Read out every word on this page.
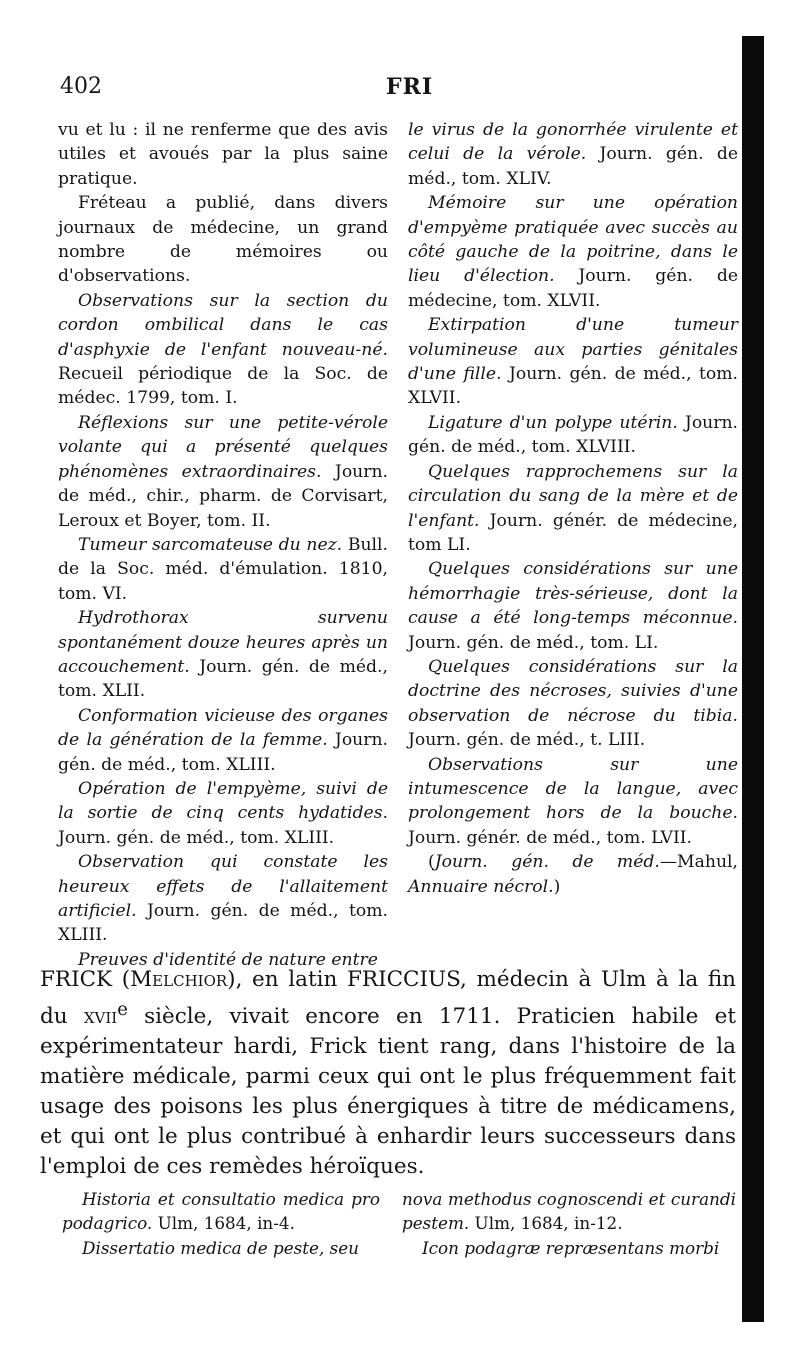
402	FRI

vu et lu : il ne renferme que des avis utiles et avoués par la plus saine pratique.

Fréteau a publié, dans divers journaux de médecine, un grand nombre de mémoires ou d'observations.

Observations sur la section du cordon ombilical dans le cas d'asphyxie de l'enfant nouveau-né. Recueil périodique de la Soc. de médec. 1799, tom. I.

Réflexions sur une petite-vérole volante qui a présenté quelques phénomènes extraordinaires. Journ. de méd., chir., pharm. de Corvisart, Leroux et Boyer, tom. II.

Tumeur sarcomateuse du nez. Bull. de la Soc. méd. d'émulation. 1810, tom. VI.

Hydrothorax survenu spontanément douze heures après un accouchement. Journ. gén. de méd., tom. XLII.

Conformation vicieuse des organes de la génération de la femme. Journ. gén. de méd., tom. XLIII.

Opération de l'empyème, suivi de la sortie de cinq cents hydatides. Journ. gén. de méd., tom. XLIII.

Observation qui constate les heureux effets de l'allaitement artificiel. Journ. gén. de méd., tom. XLIII.

Preuves d'identité de nature entre

le virus de la gonorrhée virulente et celui de la vérole. Journ. gén. de méd., tom. XLIV.

Mémoire sur une opération d'empyème pratiquée avec succès au côté gauche de la poitrine, dans le lieu d'élection. Journ. gén. de médecine, tom. XLVII.

Extirpation d'une tumeur volumineuse aux parties génitales d'une fille. Journ. gén. de méd., tom. XLVII.

Ligature d'un polype utérin. Journ. gén. de méd., tom. XLVIII.

Quelques rapprochemens sur la circulation du sang de la mère et de l'enfant. Journ. génér. de médecine, tom LI.

Quelques considérations sur une hémorrhagie très-sérieuse, dont la cause a été long-temps méconnue. Journ. gén. de méd., tom. LI.

Quelques considérations sur la doctrine des nécroses, suivies d'une observation de nécrose du tibia. Journ. gén. de méd., t. LIII.

Observations sur une intumescence de la langue, avec prolongement hors de la bouche. Journ. génér. de méd., tom. LVII.

(Journ. gén. de méd.—Mahul, Annuaire nécrol.)

FRICK (Melchior), en latin FRICCIUS, médecin à Ulm à la fin du xvii$^e$ siècle, vivait encore en 1711. Praticien habile et expérimentateur hardi, Frick tient rang, dans l'histoire de la matière médicale, parmi ceux qui ont le plus fréquemment fait usage des poisons les plus énergiques à titre de médicamens, et qui ont le plus contribué à enhardir leurs successeurs dans l'emploi de ces remèdes héroïques.

Historia et consultatio medica pro podagrico. Ulm, 1684, in-4.

Dissertatio medica de peste, seu

nova methodus cognoscendi et curandi pestem. Ulm, 1684, in-12.

Icon podagræ repræsentans morbi
